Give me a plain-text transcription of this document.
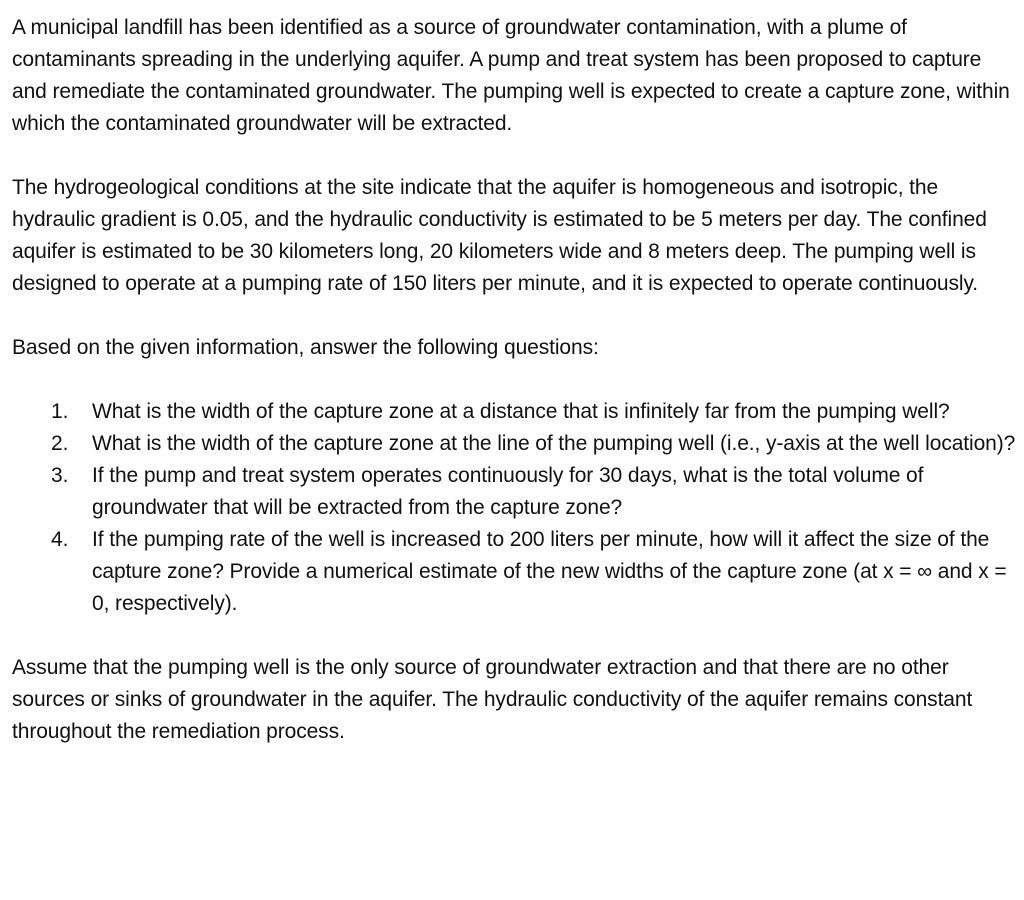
A municipal landfill has been identified as a source of groundwater contamination, with a plume of contaminants spreading in the underlying aquifer. A pump and treat system has been proposed to capture and remediate the contaminated groundwater. The pumping well is expected to create a capture zone, within which the contaminated groundwater will be extracted.

The hydrogeological conditions at the site indicate that the aquifer is homogeneous and isotropic, the hydraulic gradient is 0.05, and the hydraulic conductivity is estimated to be 5 meters per day. The confined aquifer is estimated to be 30 kilometers long, 20 kilometers wide and 8 meters deep. The pumping well is designed to operate at a pumping rate of 150 liters per minute, and it is expected to operate continuously.

Based on the given information, answer the following questions:

1. What is the width of the capture zone at a distance that is infinitely far from the pumping well?
2. What is the width of the capture zone at the line of the pumping well (i.e., y-axis at the well location)?
3. If the pump and treat system operates continuously for 30 days, what is the total volume of groundwater that will be extracted from the capture zone?
4. If the pumping rate of the well is increased to 200 liters per minute, how will it affect the size of the capture zone? Provide a numerical estimate of the new widths of the capture zone (at x = ∞ and x = 0, respectively).

Assume that the pumping well is the only source of groundwater extraction and that there are no other sources or sinks of groundwater in the aquifer. The hydraulic conductivity of the aquifer remains constant throughout the remediation process.
